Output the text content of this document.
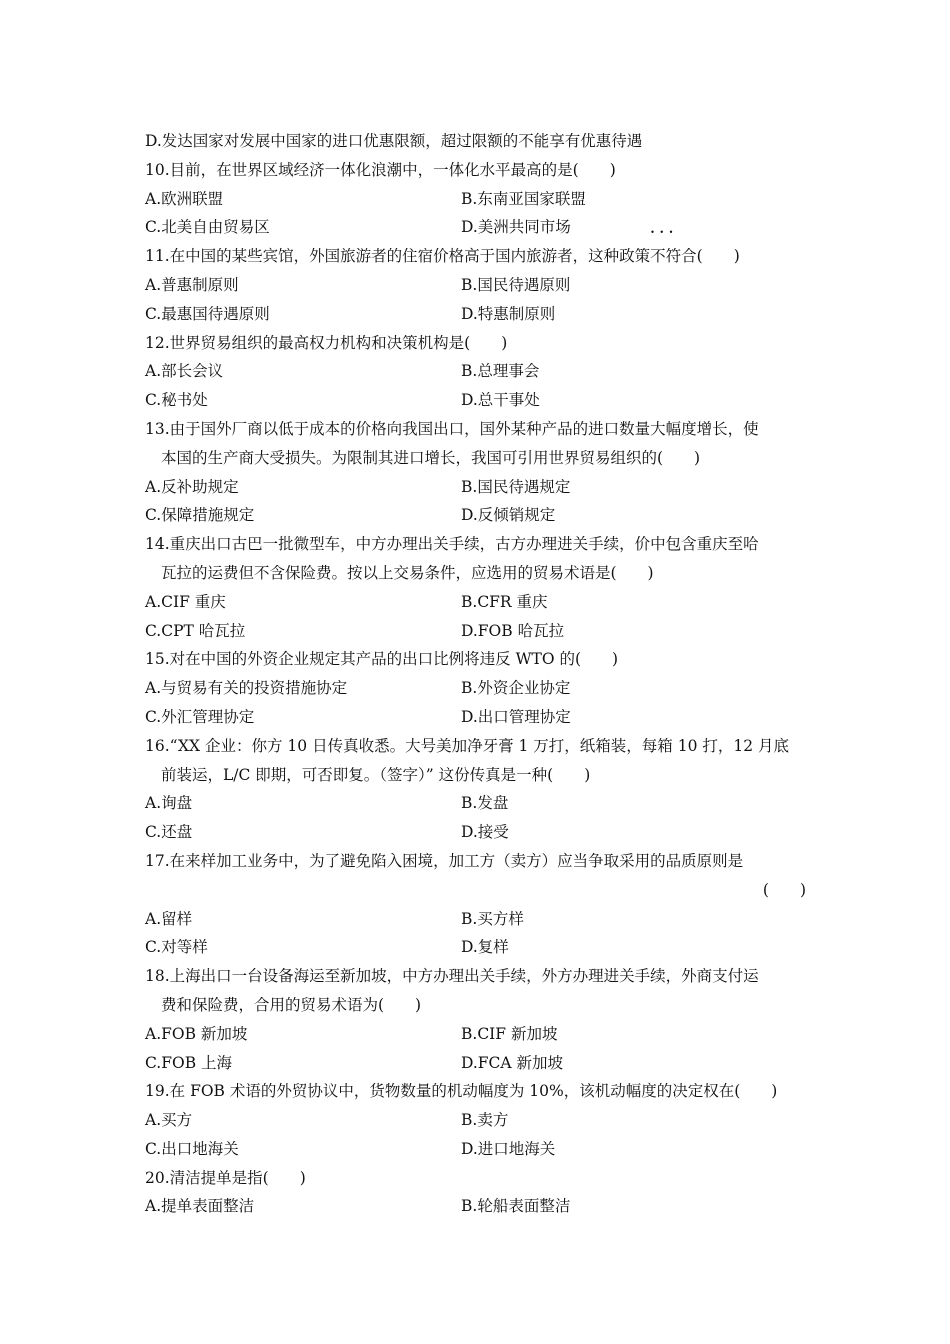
D.发达国家对发展中国家的进口优惠限额，超过限额的不能享有优惠待遇
10.目前，在世界区域经济一体化浪潮中，一体化水平最高的是(　　)
A.欧洲联盟	B.东南亚国家联盟
C.北美自由贸易区	D.美洲共同市场
11.在中国的某些宾馆，外国旅游者的住宿价格高于国内旅游者，这种政策• • • 不符合(　　)
A.普惠制原则	B.国民待遇原则
C.最惠国待遇原则	D.特惠制原则
12.世界贸易组织的最高权力机构和决策机构是(　　)
A.部长会议	B.总理事会
C.秘书处	D.总干事处
13.由于国外厂商以低于成本的价格向我国出口，国外某种产品的进口数量大幅度增长，使
本国的生产商大受损失。为限制其进口增长，我国可引用世界贸易组织的(　　)
A.反补助规定	B.国民待遇规定
C.保障措施规定	D.反倾销规定
14.重庆出口古巴一批微型车，中方办理出关手续，古方办理进关手续，价中包含重庆至哈
瓦拉的运费但不含保险费。按以上交易条件，应选用的贸易术语是(　　)
A.CIF 重庆	B.CFR 重庆
C.CPT 哈瓦拉	D.FOB 哈瓦拉
15.对在中国的外资企业规定其产品的出口比例将违反 WTO 的(　　)
A.与贸易有关的投资措施协定	B.外资企业协定
C.外汇管理协定	D.出口管理协定
16.“XX 企业：你方 10 日传真收悉。大号美加净牙膏 1 万打，纸箱装，每箱 10 打，12 月底
前装运，L/C 即期，可否即复。（签字）” 这份传真是一种(　　)
A.询盘	B.发盘
C.还盘	D.接受
17.在来样加工业务中，为了避免陷入困境，加工方（卖方）应当争取采用的品质原则是
(　　)
A.留样	B.买方样
C.对等样	D.复样
18.上海出口一台设备海运至新加坡，中方办理出关手续，外方办理进关手续，外商支付运
费和保险费，合用的贸易术语为(　　)
A.FOB 新加坡	B.CIF 新加坡
C.FOB 上海	D.FCA 新加坡
19.在 FOB 术语的外贸协议中，货物数量的机动幅度为 10%，该机动幅度的决定权在(　　)
A.买方	B.卖方
C.出口地海关	D.进口地海关
20.清洁提单是指(　　)
A.提单表面整洁	B.轮船表面整洁
